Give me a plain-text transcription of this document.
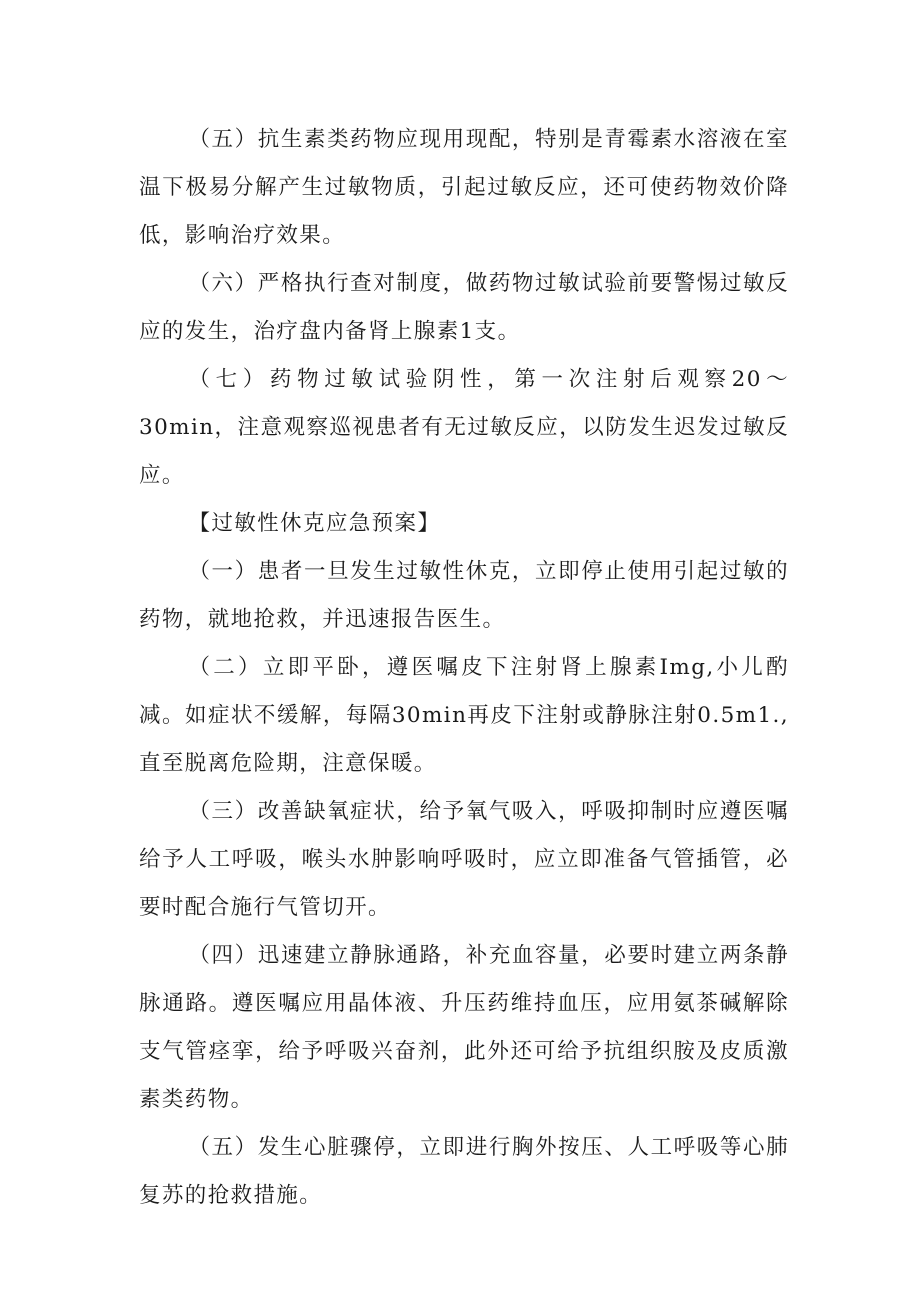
（五）抗生素类药物应现用现配，特别是青霉素水溶液在室温下极易分解产生过敏物质，引起过敏反应，还可使药物效价降低，影响治疗效果。

（六）严格执行查对制度，做药物过敏试验前要警惕过敏反应的发生，治疗盘内备肾上腺素1支。

（七）药物过敏试验阴性，第一次注射后观察20～30min，注意观察巡视患者有无过敏反应，以防发生迟发过敏反应。

【过敏性休克应急预案】

（一）患者一旦发生过敏性休克，立即停止使用引起过敏的药物，就地抢救，并迅速报告医生。

（二）立即平卧，遵医嘱皮下注射肾上腺素Img,小儿酌减。如症状不缓解，每隔30min再皮下注射或静脉注射0.5m1.,直至脱离危险期，注意保暖。

（三）改善缺氧症状，给予氧气吸入，呼吸抑制时应遵医嘱给予人工呼吸，喉头水肿影响呼吸时，应立即准备气管插管，必要时配合施行气管切开。

（四）迅速建立静脉通路，补充血容量，必要时建立两条静脉通路。遵医嘱应用晶体液、升压药维持血压，应用氨茶碱解除支气管痉挛，给予呼吸兴奋剂，此外还可给予抗组织胺及皮质激素类药物。

（五）发生心脏骤停，立即进行胸外按压、人工呼吸等心肺复苏的抢救措施。
